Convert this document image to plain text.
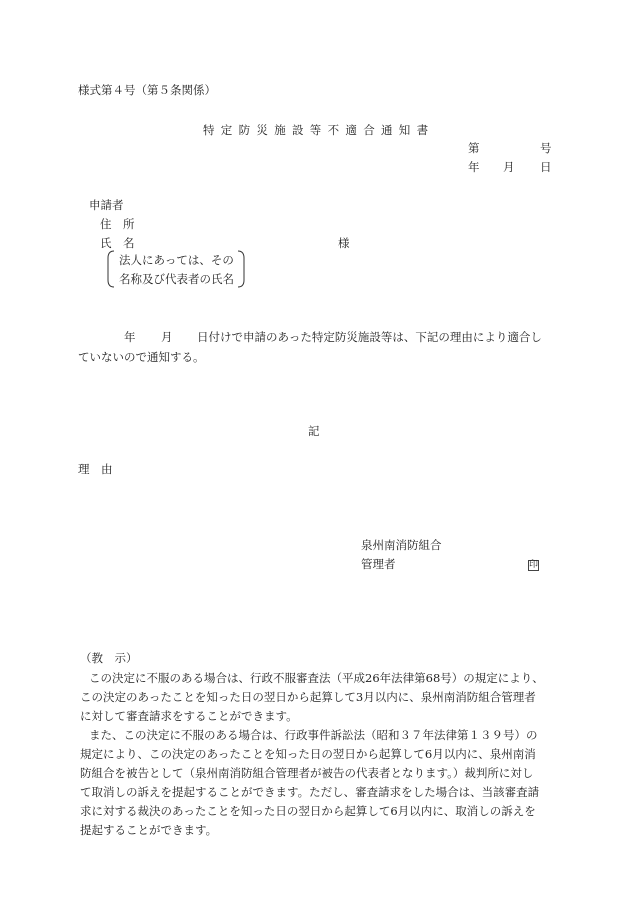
様式第４号（第５条関係）
特定防災施設等不適合通知書
第	号
年 月 日
申請者
住　所
氏　名	様
法人にあっては、その
名称及び代表者の氏名
年 月 日付けで申請のあった特定防災施設等は、下記の理由により適合し
ていないので通知する。
記
理　由
泉州南消防組合
管理者	印
（教　示）
この決定に不服のある場合は、行政不服審査法（平成26年法律第68号）の規定により、
この決定のあったことを知った日の翌日から起算して3月以内に、泉州南消防組合管理者
に対して審査請求をすることができます。
また、この決定に不服のある場合は、行政事件訴訟法（昭和３７年法律第１３９号）の
規定により、この決定のあったことを知った日の翌日から起算して6月以内に、泉州南消
防組合を被告として（泉州南消防組合管理者が被告の代表者となります。）裁判所に対し
て取消しの訴えを提起することができます。ただし、審査請求をした場合は、当該審査請
求に対する裁決のあったことを知った日の翌日から起算して6月以内に、取消しの訴えを
提起することができます。
